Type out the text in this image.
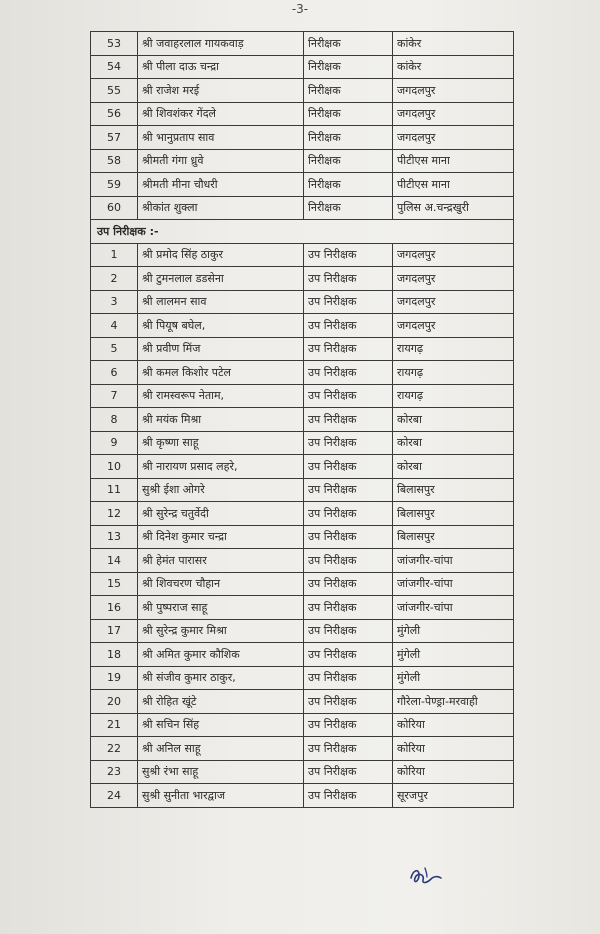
-3-
53	श्री जवाहरलाल गायकवाड़	निरीक्षक	कांकेर
54	श्री पीला दाऊ चन्द्रा	निरीक्षक	कांकेर
55	श्री राजेश मरई	निरीक्षक	जगदलपुर
56	श्री शिवशंकर गेंदले	निरीक्षक	जगदलपुर
57	श्री भानुप्रताप साव	निरीक्षक	जगदलपुर
58	श्रीमती गंगा ध्रुवे	निरीक्षक	पीटीएस माना
59	श्रीमती मीना चौधरी	निरीक्षक	पीटीएस माना
60	श्रीकांत शुक्ला	निरीक्षक	पुलिस अ.चन्द्रखुरी
उप निरीक्षक :-			
1	श्री प्रमोद सिंह ठाकुर	उप निरीक्षक	जगदलपुर
2	श्री टुमनलाल डडसेना	उप निरीक्षक	जगदलपुर
3	श्री लालमन साव	उप निरीक्षक	जगदलपुर
4	श्री पियूष बघेल,	उप निरीक्षक	जगदलपुर
5	श्री प्रवीण मिंज	उप निरीक्षक	रायगढ़
6	श्री कमल किशोर पटेल	उप निरीक्षक	रायगढ़
7	श्री रामस्वरूप नेताम,	उप निरीक्षक	रायगढ़
8	श्री मयंक मिश्रा	उप निरीक्षक	कोरबा
9	श्री कृष्णा साहू	उप निरीक्षक	कोरबा
10	श्री नारायण प्रसाद लहरे,	उप निरीक्षक	कोरबा
11	सुश्री ईशा ओगरे	उप निरीक्षक	बिलासपुर
12	श्री सुरेन्द्र चतुर्वेदी	उप निरीक्षक	बिलासपुर
13	श्री दिनेश कुमार चन्द्रा	उप निरीक्षक	बिलासपुर
14	श्री हेमंत पारासर	उप निरीक्षक	जांजगीर-चांपा
15	श्री शिवचरण चौहान	उप निरीक्षक	जांजगीर-चांपा
16	श्री पुष्पराज साहू	उप निरीक्षक	जांजगीर-चांपा
17	श्री सुरेन्द्र कुमार मिश्रा	उप निरीक्षक	मुंगेली
18	श्री अमित कुमार कौशिक	उप निरीक्षक	मुंगेली
19	श्री संजीव कुमार ठाकुर,	उप निरीक्षक	मुंगेली
20	श्री रोहित खूंटे	उप निरीक्षक	गौरेला-पेण्ड्रा-मरवाही
21	श्री सचिन सिंह	उप निरीक्षक	कोरिया
22	श्री अनिल साहू	उप निरीक्षक	कोरिया
23	सुश्री रंभा साहू	उप निरीक्षक	कोरिया
24	सुश्री सुनीता भारद्वाज	उप निरीक्षक	सूरजपुर
